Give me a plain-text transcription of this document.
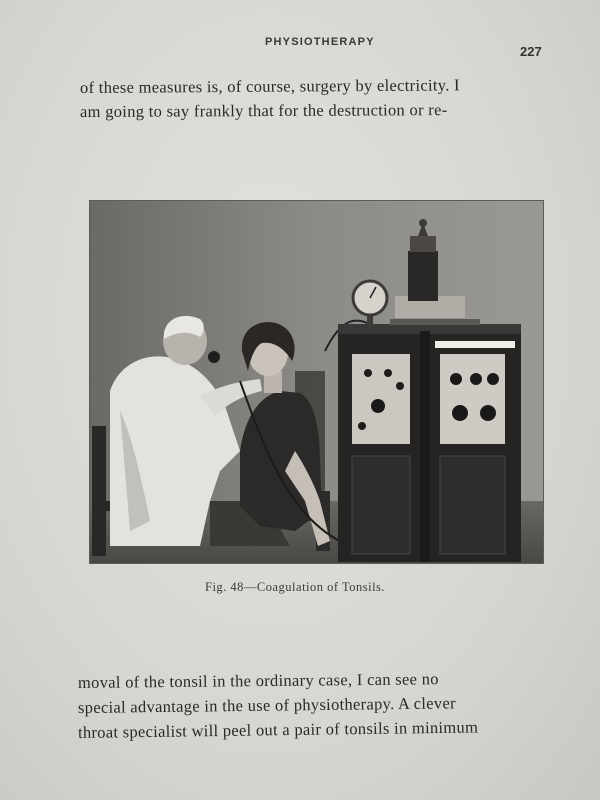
PHYSIOTHERAPY
227
of these measures is, of course, surgery by electricity. I
am going to say frankly that for the destruction or re-
Fig. 48—Coagulation of Tonsils.
moval of the tonsil in the ordinary case, I can see no
special advantage in the use of physiotherapy. A clever
throat specialist will peel out a pair of tonsils in minimum
